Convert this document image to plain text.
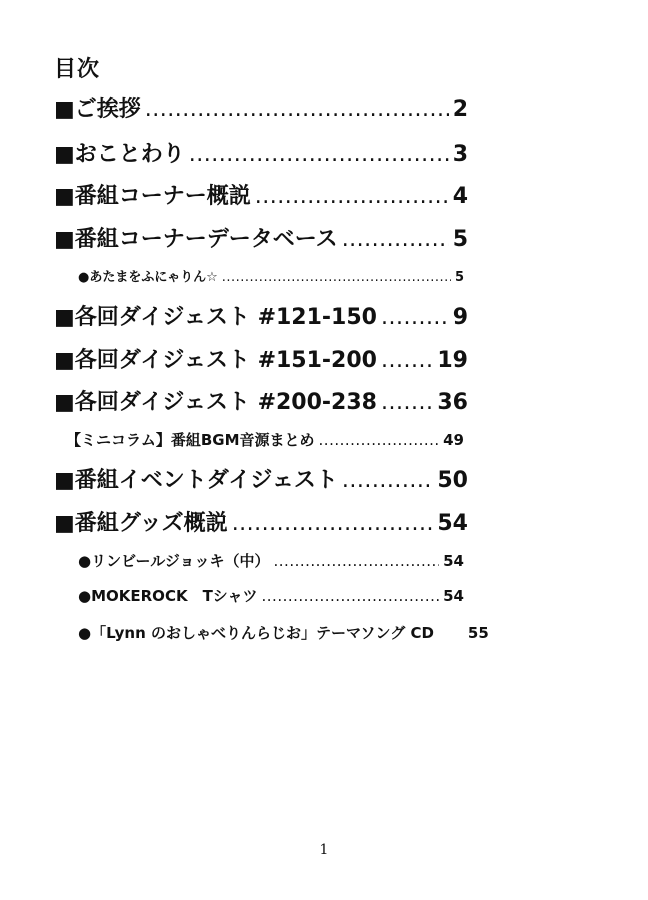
目次
■ご挨拶 .....	2
■おことわり .....	3
■番組コーナー概説 .....	4
■番組コーナーデータベース .....	5
●あたまをふにゃりん☆ .....	5
■各回ダイジェスト #121-150 .....	9
■各回ダイジェスト #151-200 .....	19
■各回ダイジェスト #200-238 .....	36
【ミニコラム】番組BGM音源まとめ .....	49
■番組イベントダイジェスト .....	50
■番組グッズ概説 .....	54
●リンビールジョッキ（中） .....	54
●MOKEROCK　Tシャツ .....	54
●「Lynn のおしゃべりんらじお」テーマソング CD 55
1
